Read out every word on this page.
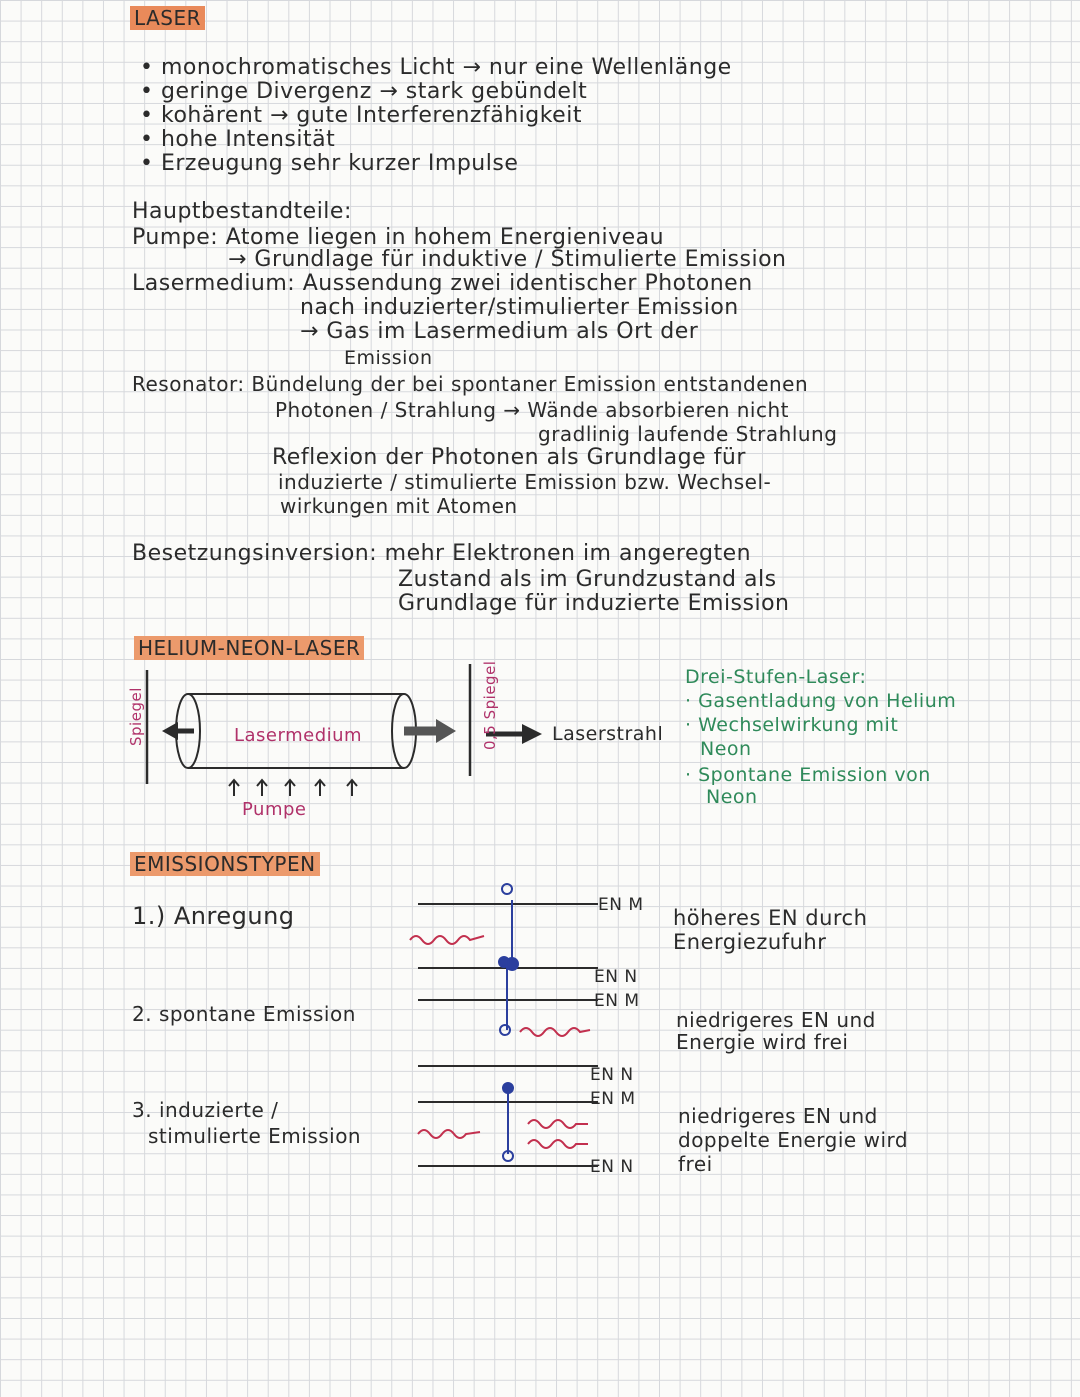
LASER
• monochromatisches Licht → nur eine Wellenlänge
• geringe Divergenz → stark gebündelt
• kohärent → gute Interferenzfähigkeit
• hohe Intensität
• Erzeugung sehr kurzer Impulse
Hauptbestandteile:
Pumpe: Atome liegen in hohem Energieniveau
→ Grundlage für induktive / Stimulierte Emission
Lasermedium: Aussendung zwei identischer Photonen
nach induzierter/stimulierter Emission
→ Gas im Lasermedium als Ort der
Emission
Resonator: Bündelung der bei spontaner Emission entstandenen
Photonen / Strahlung → Wände absorbieren nicht
gradlinig laufende Strahlung
Reflexion der Photonen als Grundlage für
induzierte / stimulierte Emission bzw. Wechsel-
wirkungen mit Atomen
Besetzungsinversion: mehr Elektronen im angeregten
Zustand als im Grundzustand als
Grundlage für induzierte Emission
HELIUM-NEON-LASER
Spiegel	Lasermedium	0,5 Spiegel	Laserstrahl
Pumpe
Drei-Stufen-Laser:
· Gasentladung von Helium
· Wechselwirkung mit
Neon
· Spontane Emission von
Neon
EMISSIONSTYPEN
1.) Anregung
2. spontane Emission
3. induzierte /
stimulierte Emission
EN M
EN N
EN M
EN N
EN M
EN N
höheres EN durch
Energiezufuhr
niedrigeres EN und
Energie wird frei
niedrigeres EN und
doppelte Energie wird
frei
